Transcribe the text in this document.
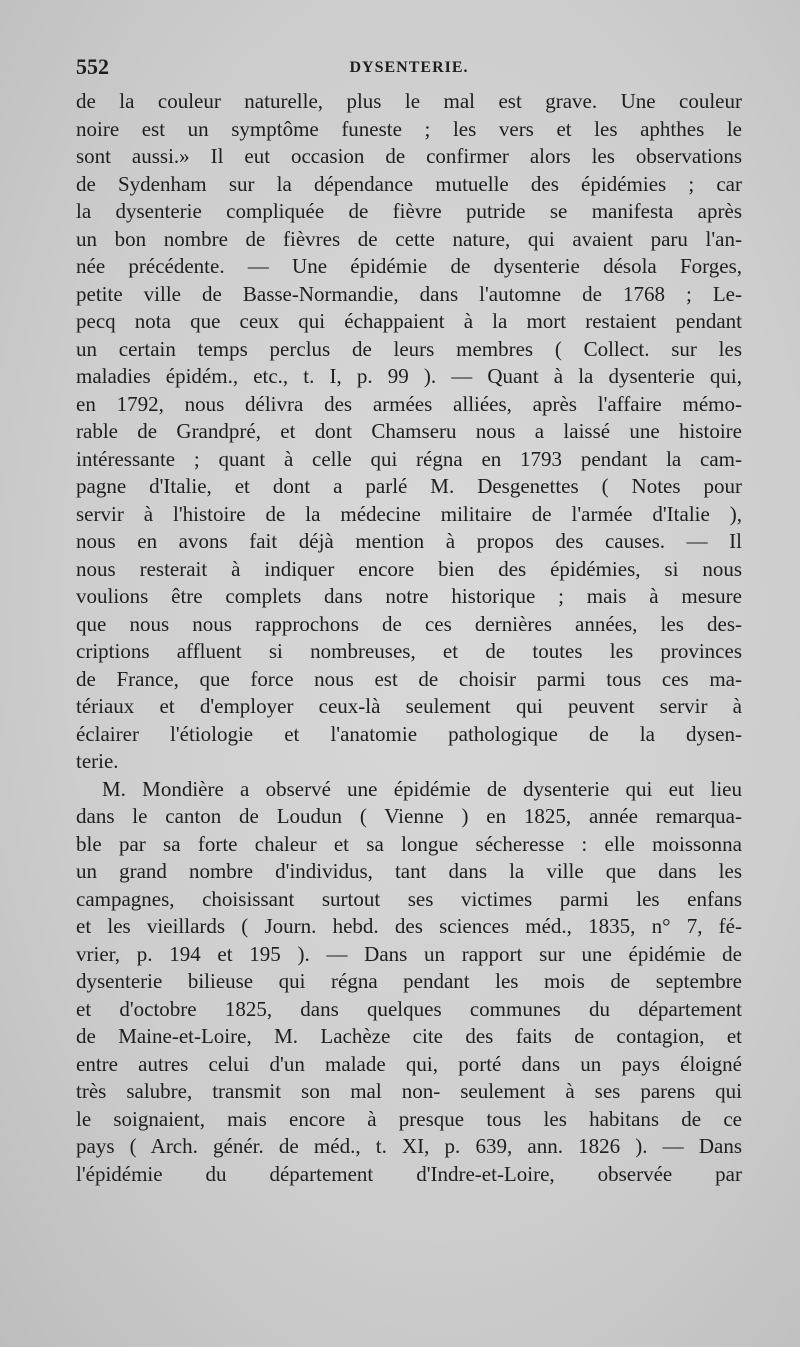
552	DYSENTERIE.
de la couleur naturelle, plus le mal est grave. Une couleur
noire est un symptôme funeste ; les vers et les aphthes le
sont aussi.» Il eut occasion de confirmer alors les observations
de Sydenham sur la dépendance mutuelle des épidémies ; car
la dysenterie compliquée de fièvre putride se manifesta après
un bon nombre de fièvres de cette nature, qui avaient paru l'an-
née précédente. — Une épidémie de dysenterie désola Forges,
petite ville de Basse-Normandie, dans l'automne de 1768 ; Le-
pecq nota que ceux qui échappaient à la mort restaient pendant
un certain temps perclus de leurs membres ( Collect. sur les
maladies épidém., etc., t. I, p. 99 ). — Quant à la dysenterie qui,
en 1792, nous délivra des armées alliées, après l'affaire mémo-
rable de Grandpré, et dont Chamseru nous a laissé une histoire
intéressante ; quant à celle qui régna en 1793 pendant la cam-
pagne d'Italie, et dont a parlé M. Desgenettes ( Notes pour
servir à l'histoire de la médecine militaire de l'armée d'Italie ),
nous en avons fait déjà mention à propos des causes. — Il
nous resterait à indiquer encore bien des épidémies, si nous
voulions être complets dans notre historique ; mais à mesure
que nous nous rapprochons de ces dernières années, les des-
criptions affluent si nombreuses, et de toutes les provinces
de France, que force nous est de choisir parmi tous ces ma-
tériaux et d'employer ceux-là seulement qui peuvent servir à
éclairer l'étiologie et l'anatomie pathologique de la dysen-
terie.
M. Mondière a observé une épidémie de dysenterie qui eut lieu
dans le canton de Loudun ( Vienne ) en 1825, année remarqua-
ble par sa forte chaleur et sa longue sécheresse : elle moissonna
un grand nombre d'individus, tant dans la ville que dans les
campagnes, choisissant surtout ses victimes parmi les enfans
et les vieillards ( Journ. hebd. des sciences méd., 1835, n° 7, fé-
vrier, p. 194 et 195 ). — Dans un rapport sur une épidémie de
dysenterie bilieuse qui régna pendant les mois de septembre
et d'octobre 1825, dans quelques communes du département
de Maine-et-Loire, M. Lachèze cite des faits de contagion, et
entre autres celui d'un malade qui, porté dans un pays éloigné
très salubre, transmit son mal non- seulement à ses parens qui
le soignaient, mais encore à presque tous les habitans de ce
pays ( Arch. génér. de méd., t. XI, p. 639, ann. 1826 ). — Dans
l'épidémie du département d'Indre-et-Loire, observée par
